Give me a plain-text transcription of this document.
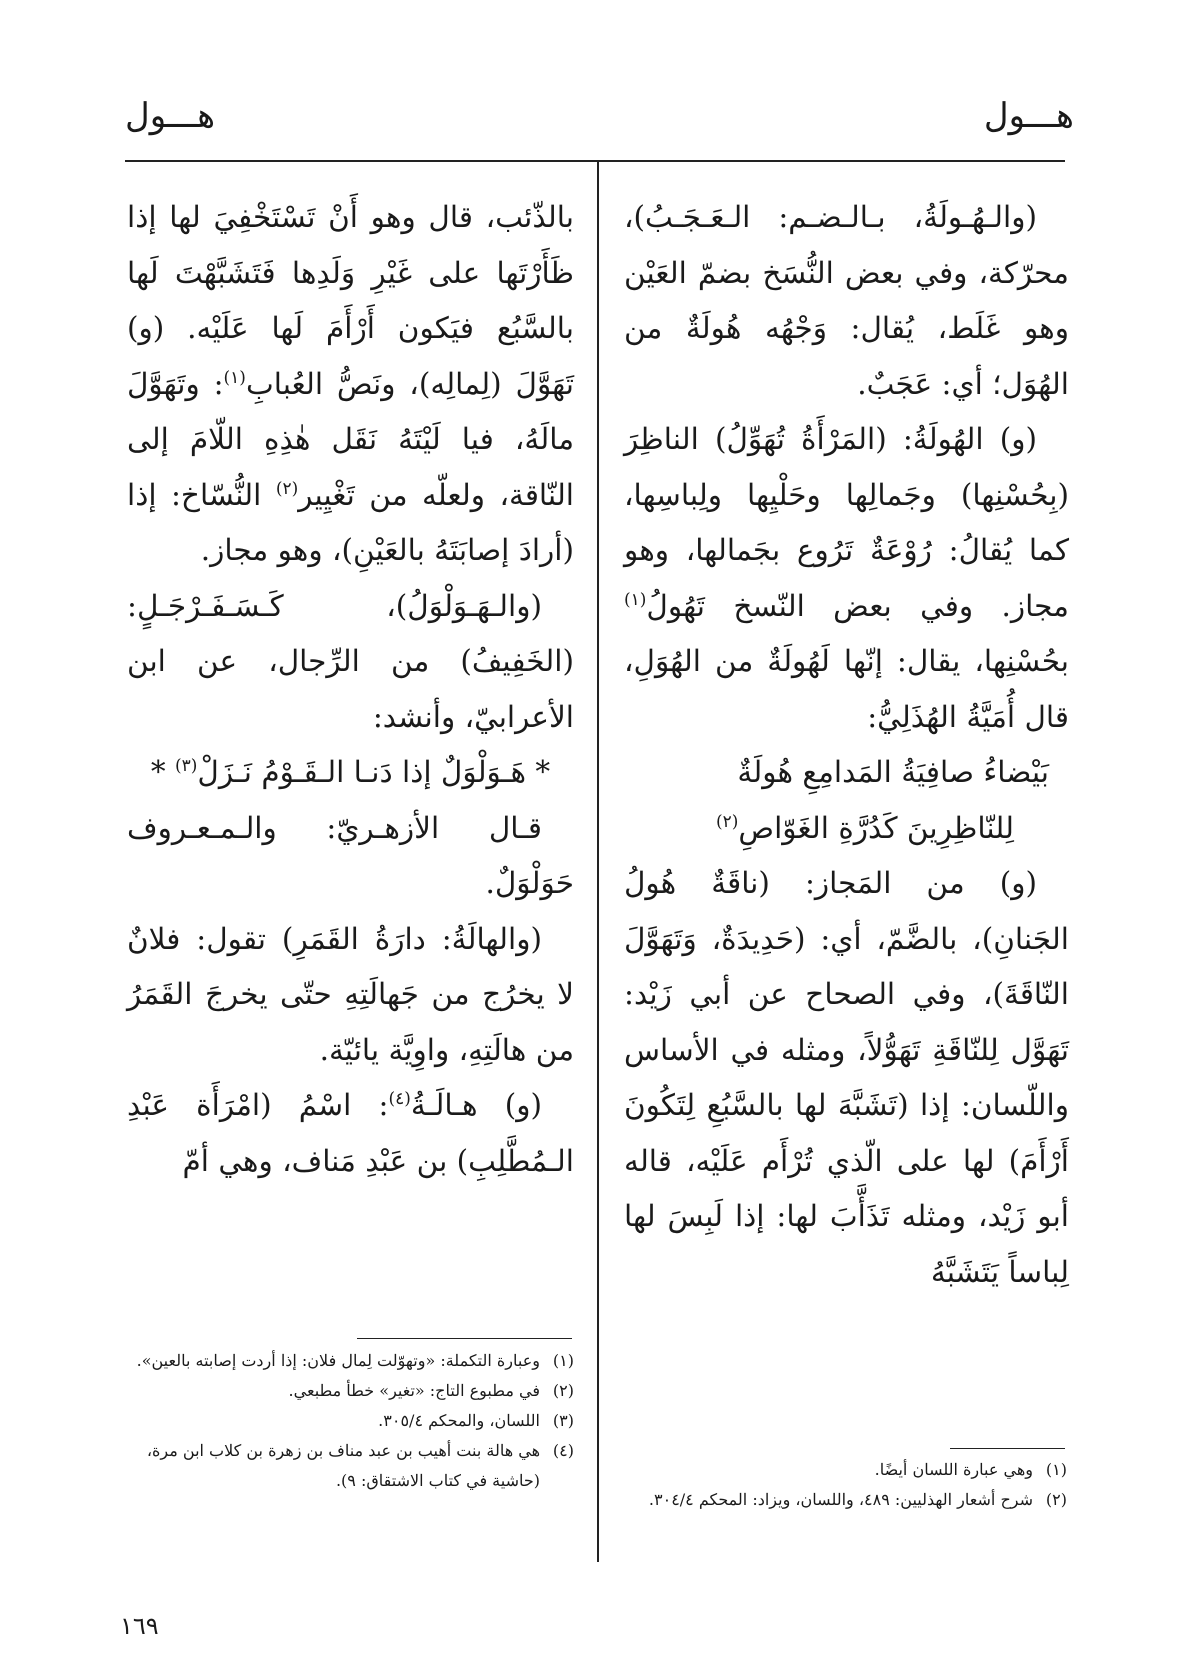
هـــول
هـــول

(والـهُـولَةُ، بـالـضـم: الـعَـجَـبُ)، محرّكة، وفي بعض النُّسَخ بضمّ العَيْن وهو غَلَط، يُقال: وَجْهُه هُولَةٌ من الهُوَل؛ أي: عَجَبٌ.

(و) الهُولَةُ: (المَرْأَةُ تُهَوِّلُ) الناظِرَ (بِحُسْنِها) وجَمالِها وحَلْيِها ولِباسِها، كما يُقالُ: رُوْعَةٌ تَرُوع بجَمالها، وهو مجاز. وفي بعض النّسخ تَهُولُ$^{(١)}$ بحُسْنِها، يقال: إنّها لَهُولَةٌ من الهُوَلِ، قال أُمَيَّةُ الهُذَلِيُّ:

بَيْضاءُ صافِيَةُ المَدامِعِ هُولَةٌ

لِلنّاظِرِينَ كَدُرَّةِ الغَوّاصِ$^{(٢)}$

(و) من المَجاز: (ناقَةٌ هُولُ الجَنانِ)، بالضَّمّ، أي: (حَدِيدَةٌ، وَتَهَوَّلَ النّاقَةَ)، وفي الصحاح عن أبي زَيْد: تَهَوَّل لِلنّاقَةِ تَهَوُّلاً، ومثله في الأساس واللّسان: إذا (تَشَبَّهَ لها بالسَّبُعِ لِتَكُونَ أَرْأَمَ) لها على الّذي تُرْأَم عَلَيْه، قاله أبو زَيْد، ومثله تَذَأَّبَ لها: إذا لَبِسَ لها لِباساً يَتَشَبَّهُ

بالذّئب، قال وهو أَنْ تَسْتَخْفِيَ لها إذا ظَأَرْتَها على غَيْرِ وَلَدِها فَتَشَبَّهْتَ لَها بالسَّبُع فيَكون أَرْأَمَ لَها عَلَيْه. (و) تَهَوَّلَ (لِمالِه)، ونَصُّ العُبابِ$^{(١)}$: وتَهَوَّلَ مالَهُ، فيا لَيْتَهُ نَقَل هٰذِهِ اللّامَ إلى النّاقة، ولعلّه من تَغْيِير$^{(٢)}$ النُّسّاخ: إذا (أرادَ إصابَتَهُ بالعَيْنِ)، وهو مجاز.

(والـهَـوَلْوَلُ)، كَـسَـفَـرْجَـلٍ: (الخَفِيفُ) من الرِّجال، عن ابن الأعرابيّ، وأنشد:

* هَـوَلْوَلٌ إذا دَنـا الـقَـوْمُ نَـزَلْ$^{(٣)}$ *

قـال الأزهـريّ: والـمـعـروف حَوَلْوَلٌ.

(والهالَةُ: دارَةُ القَمَرِ) تقول: فلانٌ لا يخرُج من جَهالَتِهِ حتّى يخرجَ القَمَرُ من هالَتِهِ، واوِيَّة يائيّة.

(و) هـالَـةُ$^{(٤)}$: اسْمُ (امْرَأَة عَبْدِ الـمُطَّلِبِ) بن عَبْدِ مَناف، وهي أمّ

(١)وهي عبارة اللسان أيضًا.

(٢)شرح أشعار الهذليين: ٤٨٩، واللسان، ويزاد: المحكم ٣٠٤/٤.

(١)وعبارة التكملة: «وتهوّلت لِمال فلان: إذا أردت إصابته بالعين».

(٢)في مطبوع التاج: «تغير» خطأ مطبعي.

(٣)اللسان، والمحكم ٣٠٥/٤.

(٤)هي هالة بنت أهيب بن عبد مناف بن زهرة بن كلاب ابن مرة، (حاشية في كتاب الاشتقاق: ٩).

١٦٩
